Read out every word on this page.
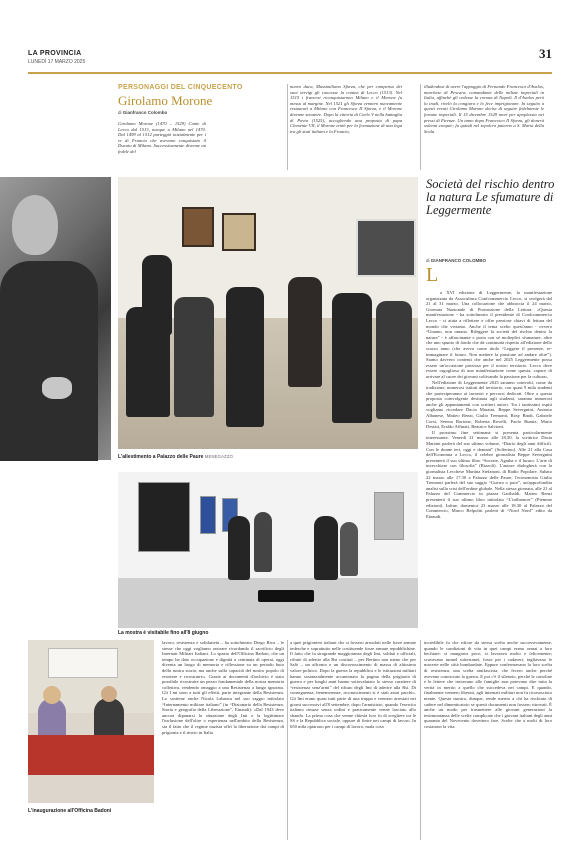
LA PROVINCIA
LUNEDÌ 17 MARZO 2025
31
PERSONAGGI DEL CINQUECENTO
Girolamo Morone
di Gianfranco Colombo
Girolamo Morone (1470 – 1529) Conte di Lecco dal 1513, nacque a Milano nel 1470. Dal 1499 al 1512 parteggiò inizialmente per i re di Francia che avevano conquistato il Ducato di Milano. Successivamente divenne un fedele del
nuovo duca, Massimiliano Sforza, che per compenso dei suoi servigi gli concesse la contea di Lecco (1513). Nel 1515 i francesi riconquistarono Milano e il Morone fu messo al margine. Nel 1521 gli Sforza vennero nuovamente restaurati a Milano con Francesco II Sforza, e il Morone divenne senatore. Dopo la vittoria di Carlo V nella battaglia di Pavia (1525), accogliendo una proposta di papa Clemente VII, il Morone tentò per la formazione di una lega tra gli stati italiani e la Francia,
illudendosi di avere l'appoggio di Fernando Francesco d'Avalos, marchese di Pescara, comandante delle milizie imperiali in Italia, affinchè gli cedesse la corona di Napoli. Il d'Avalos però lo tradì, rivelò la congiura e lo fece imprigionare. In seguito a questi eventi Girolamo Morone decise di seguire fedelmente le fortune imperiali. Il 15 dicembre 1529 morì per apoplessia nei pressi di Firenze. Un anno dopo Francesco II Sforza, gli donerà solenni esequie; fu quindi nel sepolcro paterno a S. Maria della Scala.
L'allestimento a Palazzo delle Paure MENEGAZZO
La mostra è visitabile fino all'8 giugno
L'inaugurazione all'Officina Badoni
Società del rischio dentro la natura Le sfumature di Leggermente
di GIANFRANCO COLOMBO
L

a XVI edizione di Leggermente, la manifestazione organizzata da Assocultura Confcommercio Lecco, si svolgerà dal 21 al 31 marzo. Una collocazione che abbraccia il 24 marzo, Giornata Nazionale di Promozione della Lettura. «Questa manifestazione - ha sottolineato il presidente di Confcommercio Lecco - ci aiuta a riflettere e offre preziose chiavi di lettura del mondo che viviamo. Anche il tema scelto quest'anno - ovvero “Umano, non umano. Rileggere la società del rischio dentro la natura” - è affascinante e porta con sé molteplici sfumature, oltre che uno spunto di fondo che dà continuità rispetto all'edizione dello scorso anno (che aveva come titolo “Leggere il presente, re-immaginare il futuro. Non mettere la passione ad andare oltre”). Siamo davvero contenti che anche nel 2025 Leggermente possa essere un'occasione preziosa per il nostro territorio. Lecco deve essere orgogliosa di una manifestazione come questa, capace di arrivare al cuore dei giovani coltivando la passione per la cultura».

Nell'edizione di Leggermente 2025 saranno coinvolti, come da tradizione, numerosi istituti del territorio, con quasi 9 mila studenti che parteciperanno ai incontri e percorsi dedicati. Oltre a questa proposta coinvolgente destinata agli studenti, saranno numerosi anche gli appuntamenti con scrittori autori. Tra i tantissimi ospiti vogliamo ricordare Dacia Maraini, Beppe Severgnini, Antonio Albanese, Matteo Renzi, Giulio Tremonti, Rosy Bindi, Gabriele Corsi, Serena Bortone, Roberta Rovelli, Paolo Rumiz, Mario Desiati, Eraldo Affinati, Beatrice Salvioni.

Il prossimo fine settimana si presenta particolarmente interessante. Venerdì 21 marzo alle 18,30, la scrittrice Dacia Maraini parlerà del suo ultimo volume, “Diario degli anni difficili. Con le donne ieri, oggi e domani” (Solferino). Alle 21 alla Casa dell'Economia a Lecco, il celebre giornalista Beppe Severgnini presenterà il suo ultimo libro “Socrate, Agatha e il futuro. L'arte di invecchiare con filosofia” (Rizzoli). L'autore dialogherà con la giornalista Lecchese Martina Stefanoni, di Radio Popolare. Sabato 22 marzo alle 17.30 a Palazzo delle Paure, l'economista Giulio Tremonti parlerà del suo saggio “Guerra o pace”, un'approfondita analisi sulla crisi dell'ordine globale. Nella stessa giornata, alle 21 al Palazzo del Commercio in piazza Garibaldi, Matteo Renzi presenterà il suo ultimo libro intitolato “L'influencer” (Piemme edizioni). Infine, domenica 23 marzo alle 18.30 al Palazzo del Commercio, Marco Belpoliti parlerà di “Nord Nord” edito da Einaudi.

lavoro, resistenza e solidarietà – ha sottolineato Diego Riva – le stesse che oggi vogliamo onorare ricordando il sacrificio degli Internati Militari Italiani. Lo spazio dell'Officina Badoni, che un tempo ha dato occupazione e dignità a centinaia di operai, oggi diventa un luogo di memoria e riflessione su un periodo buio della nostra storia, ma anche sulla capacità del nostro popolo di resistere e ricostruire». Grazie ai documenti d'archivio è stato possibile ricostruire un pezzo fondamentale della nostra memoria collettiva, rendendo omaggio a una Resistenza a lungo ignorata. Gli I mi sono a tutti gli effetti, parte integrante della Resistenza. Lo sostiene anche Nicola Labanca nel suo saggio intitolato “Internamento militare italiano” (in “Dizionario della Resistenza. Storia e geografia della Liberazione”, Einaudi): «Dal 1943 deve ancora dipanarsi la situazione degli Imi e la legittimare l'inclusione dell'oltre o esperienza nell'ambito della Resistenza, sia il fatto che il regime nazista offrì la liberazione dai campi di prigionia e il rinvio in Italia
a quei prigionieri italiani che si fossero arruolati nelle forze armate tedesche e soprattutto nelle costituende forze armate repubblichine. Il fatto che la stragrande maggioranza degli Imi, soldati e ufficiali, rifiutò di aderire alla Rsi costituì – per Bertino non meno che per Salò – un affronto e un disconoscimento di massa di altissimo valore politico. Dopo la guerra la repubblica e le istituzioni militari hanno sostanzialmente accantonato la pagina della prigionia di guerra e per lunghi anni hanno sottovalutato lo stesso carattere di “resistenza senz'armi” del rifiuto degli Imi di aderire alla Rsi. Di conseguenza, benemerenze, riconoscimenti si è stati assai parchi». Gli Imi erano quasi tutti parte di una truppa e vennero arrestati nei giorni successivi all'8 settembre, dopo l'armistizio, quando l'esercito italiano rimase senza ordini e praticamente venne lasciato allo sbando. La prima cosa che venne chiesta loro fu di scegliere tra le SS e la Repubblica sociale, oppure di finire nei campi di lavoro. In 650 mila optarono per i campi di lavoro, mala cosa
incredibile fu che rifiore da stessa scelta anche successivamente, quando le condizioni di vita in quei campi erano ormai a loro bechiare: si mangiava poco, si lavorava molto e felicemente; scavavano tunnel sotterranei, fosse per i cadaveri, tagliavano le macerie nelle città bombardate. Eppure confermavano la loro scelta di resistenza, una scelta antifascista, che fecero anche perché avevano conosciuto la guerra. E poi c'è il silenzio, perché le cartoline e le lettere che inviavano alle famiglie non potevano dire tutta la verità in merito a quello che succedeva nei campi. E quando, finalmente vennero liberati, agli internati militari non fu riconosciuto niente. Questa mostra, dunque, rende merito a chi ha rischiato di cadere nel dimenticatoio se questi documenti non fossero ritrovati. È anche un modo per trasmettere alle giovani generazioni la testimonianza delle scelte complicate che i giovani italiani degli anni quaranta del Novecento dovettero fare. Scelte che a molti di loro costarono la vita.
